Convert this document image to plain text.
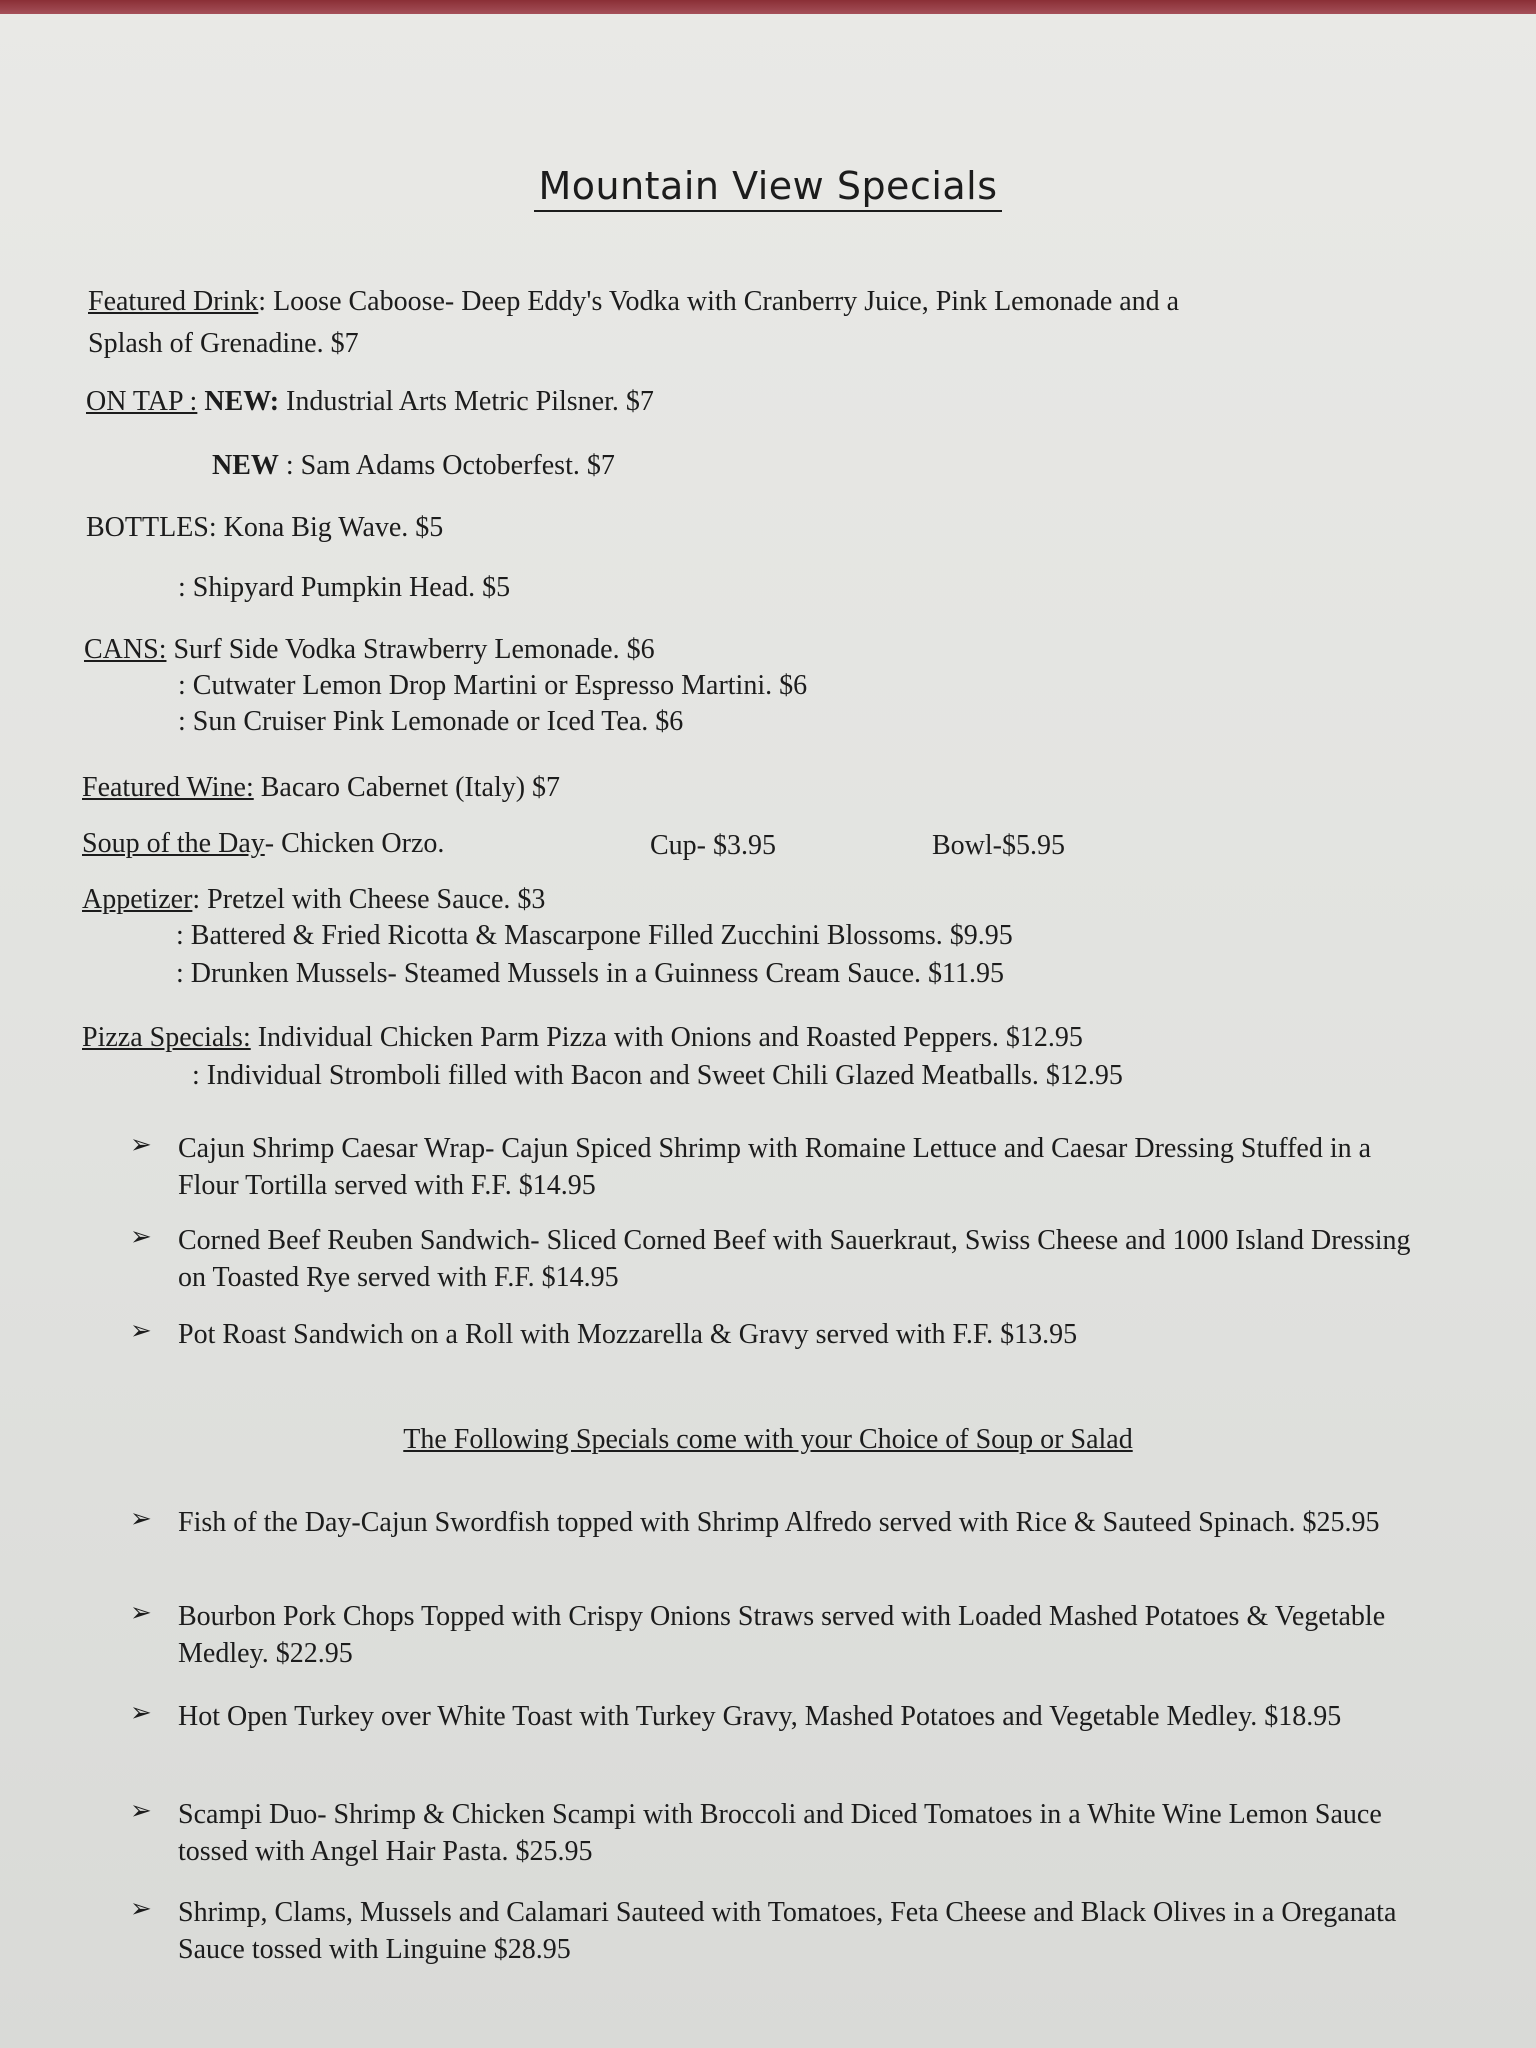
Mountain View Specials
Featured Drink: Loose Caboose- Deep Eddy's Vodka with Cranberry Juice, Pink Lemonade and a
Splash of Grenadine. $7
ON TAP : NEW: Industrial Arts Metric Pilsner. $7
NEW : Sam Adams Octoberfest. $7
BOTTLES: Kona Big Wave. $5
: Shipyard Pumpkin Head. $5
CANS: Surf Side Vodka Strawberry Lemonade. $6
: Cutwater Lemon Drop Martini or Espresso Martini. $6
: Sun Cruiser Pink Lemonade or Iced Tea. $6
Featured Wine: Bacaro Cabernet (Italy) $7
Soup of the Day- Chicken Orzo.	Cup- $3.95	Bowl-$5.95
Appetizer: Pretzel with Cheese Sauce. $3
: Battered & Fried Ricotta & Mascarpone Filled Zucchini Blossoms. $9.95
: Drunken Mussels- Steamed Mussels in a Guinness Cream Sauce. $11.95
Pizza Specials: Individual Chicken Parm Pizza with Onions and Roasted Peppers. $12.95
: Individual Stromboli filled with Bacon and Sweet Chili Glazed Meatballs. $12.95
➢ Cajun Shrimp Caesar Wrap- Cajun Spiced Shrimp with Romaine Lettuce and Caesar Dressing Stuffed in a Flour Tortilla served with F.F. $14.95
➢ Corned Beef Reuben Sandwich- Sliced Corned Beef with Sauerkraut, Swiss Cheese and 1000 Island Dressing on Toasted Rye served with F.F. $14.95
➢ Pot Roast Sandwich on a Roll with Mozzarella & Gravy served with F.F. $13.95
The Following Specials come with your Choice of Soup or Salad
➢ Fish of the Day-Cajun Swordfish topped with Shrimp Alfredo served with Rice & Sauteed Spinach. $25.95
➢ Bourbon Pork Chops Topped with Crispy Onions Straws served with Loaded Mashed Potatoes & Vegetable Medley. $22.95
➢ Hot Open Turkey over White Toast with Turkey Gravy, Mashed Potatoes and Vegetable Medley. $18.95
➢ Scampi Duo- Shrimp & Chicken Scampi with Broccoli and Diced Tomatoes in a White Wine Lemon Sauce tossed with Angel Hair Pasta. $25.95
➢ Shrimp, Clams, Mussels and Calamari Sauteed with Tomatoes, Feta Cheese and Black Olives in a Oreganata Sauce tossed with Linguine $28.95
